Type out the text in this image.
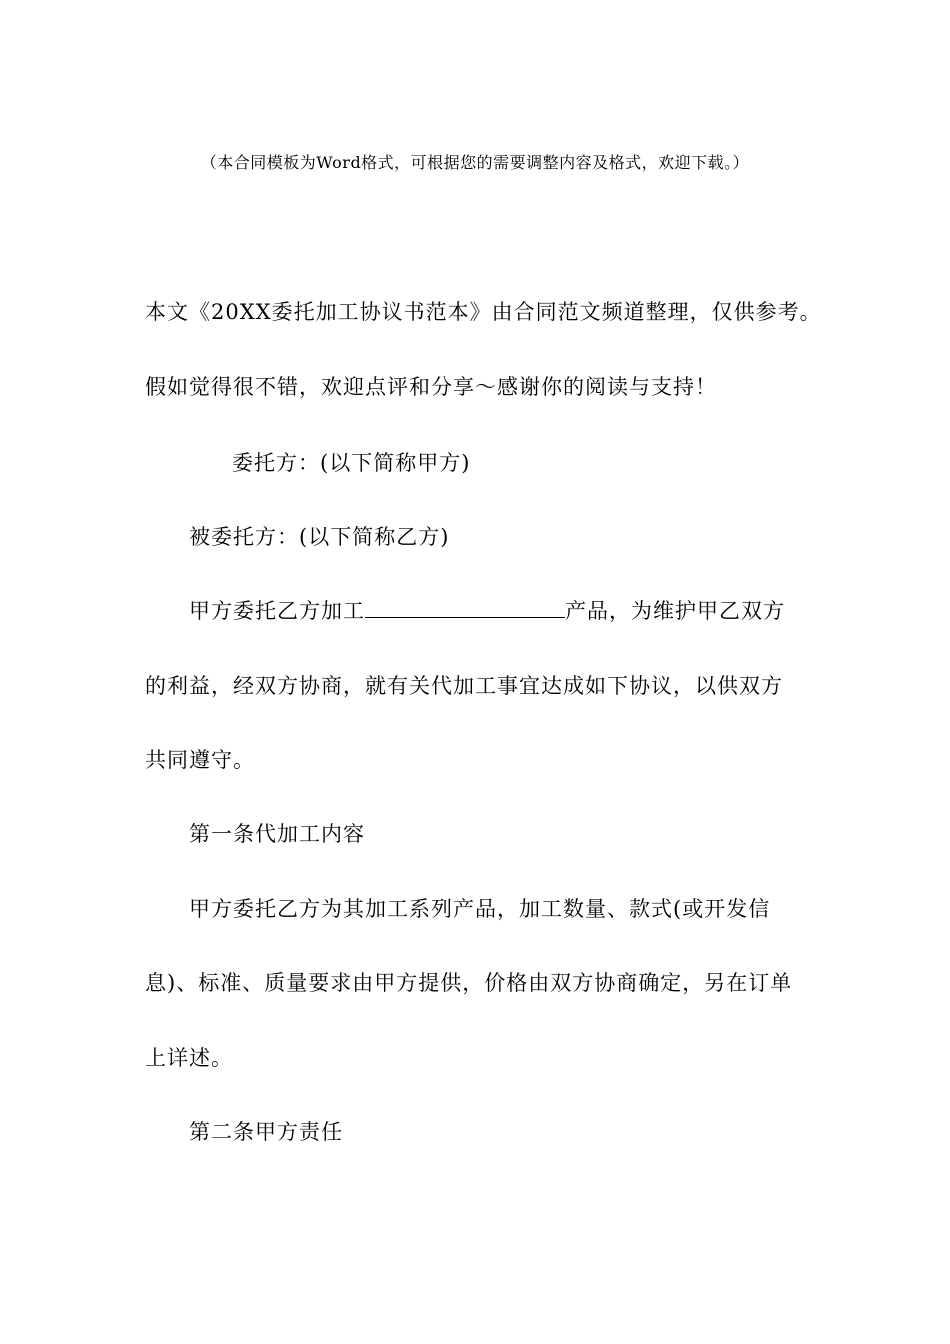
（本合同模板为Word格式，可根据您的需要调整内容及格式，欢迎下载。）
本文《20XX委托加工协议书范本》由合同范文频道整理，仅供参考。
假如觉得很不错，欢迎点评和分享～感谢你的阅读与支持！
委托方：(以下简称甲方)
被委托方：(以下简称乙方)
甲方委托乙方加工	产品，为维护甲乙双方
的利益，经双方协商，就有关代加工事宜达成如下协议，以供双方
共同遵守。
第一条代加工内容
甲方委托乙方为其加工系列产品，加工数量、款式(或开发信
息)、标准、质量要求由甲方提供，价格由双方协商确定，另在订单
上详述。
第二条甲方责任
